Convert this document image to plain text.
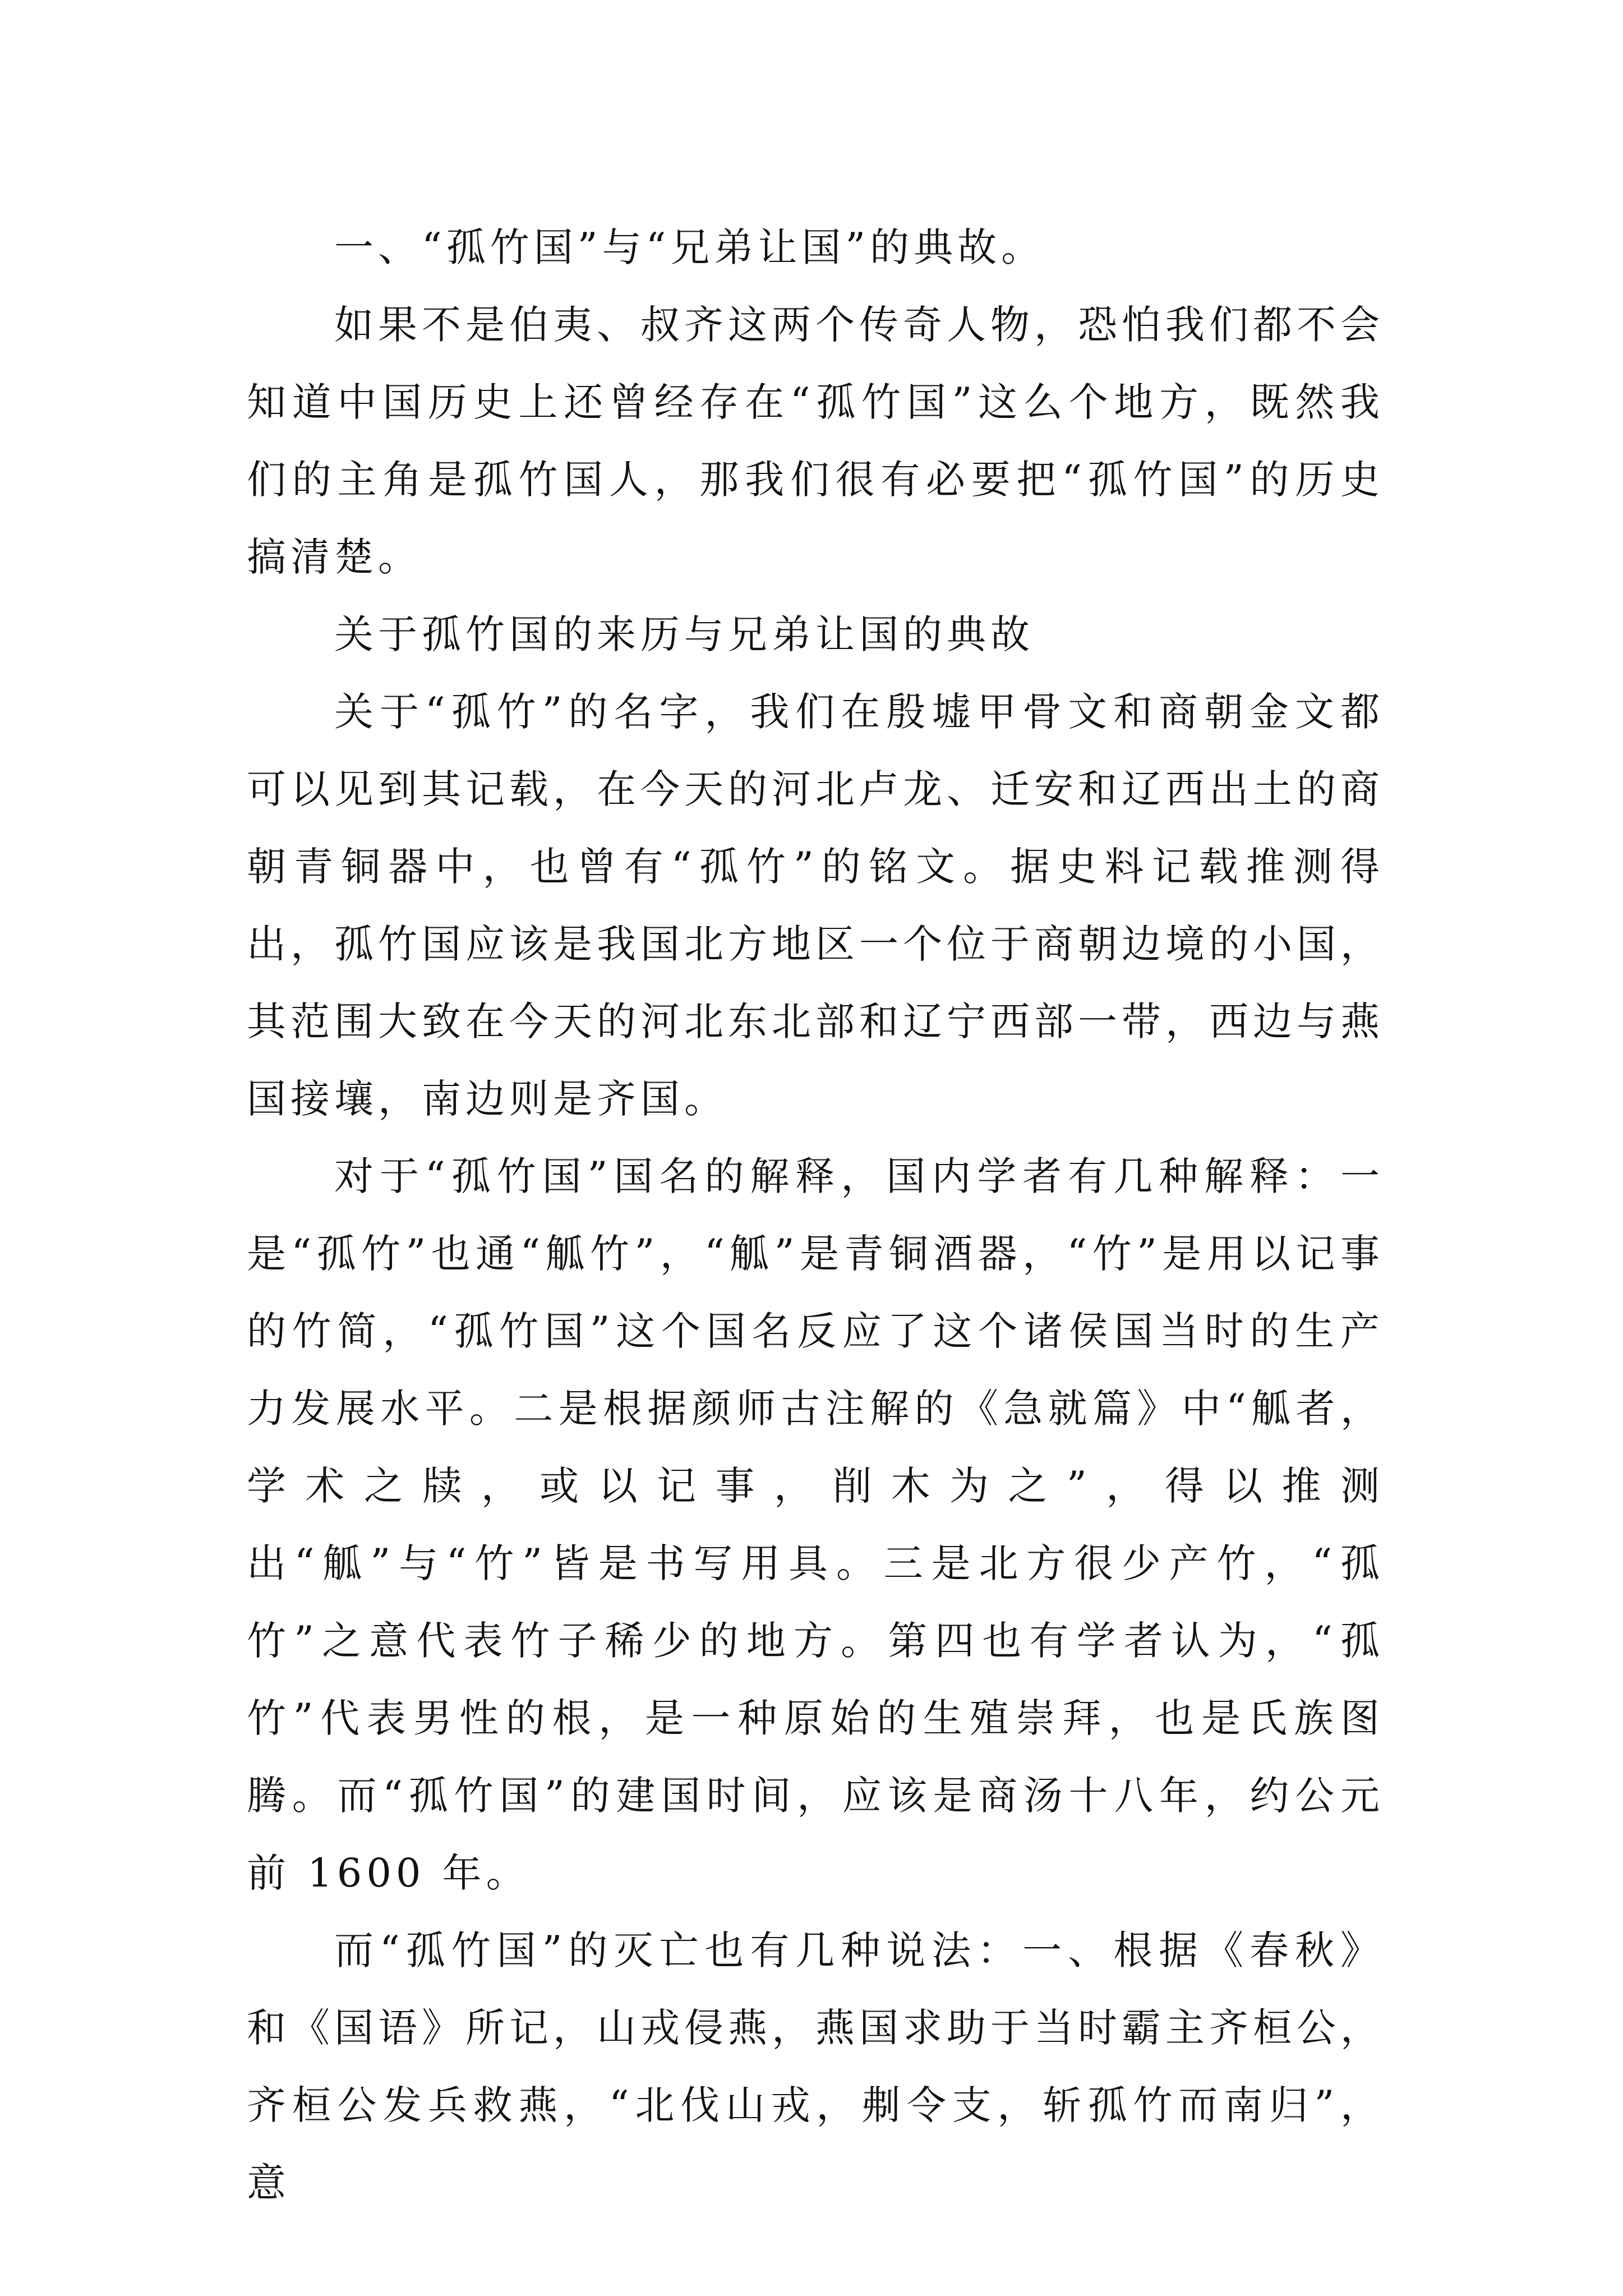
一、“孤竹国”与“兄弟让国”的典故。

如果不是伯夷、叔齐这两个传奇人物，恐怕我们都不会知道中国历史上还曾经存在“孤竹国”这么个地方，既然我们的主角是孤竹国人，那我们很有必要把“孤竹国”的历史搞清楚。

关于孤竹国的来历与兄弟让国的典故

关于“孤竹”的名字，我们在殷墟甲骨文和商朝金文都可以见到其记载，在今天的河北卢龙、迁安和辽西出土的商朝青铜器中，也曾有“孤竹”的铭文。据史料记载推测得出，孤竹国应该是我国北方地区一个位于商朝边境的小国，其范围大致在今天的河北东北部和辽宁西部一带，西边与燕国接壤，南边则是齐国。

对于“孤竹国”国名的解释，国内学者有几种解释：一是“孤竹”也通“觚竹”，“觚”是青铜酒器，“竹”是用以记事的竹简，“孤竹国”这个国名反应了这个诸侯国当时的生产力发展水平。二是根据颜师古注解的《急就篇》中“觚者，学术之牍，或以记事，削木为之”，得以推测出“觚”与“竹”皆是书写用具。三是北方很少产竹，“孤竹”之意代表竹子稀少的地方。第四也有学者认为，“孤竹”代表男性的根，是一种原始的生殖崇拜，也是氏族图腾。而“孤竹国”的建国时间，应该是商汤十八年，约公元前 1600 年。

而“孤竹国”的灭亡也有几种说法：一、根据《春秋》和《国语》所记，山戎侵燕，燕国求助于当时霸主齐桓公，齐桓公发兵救燕，“北伐山戎，刜令支，斩孤竹而南归”，意
